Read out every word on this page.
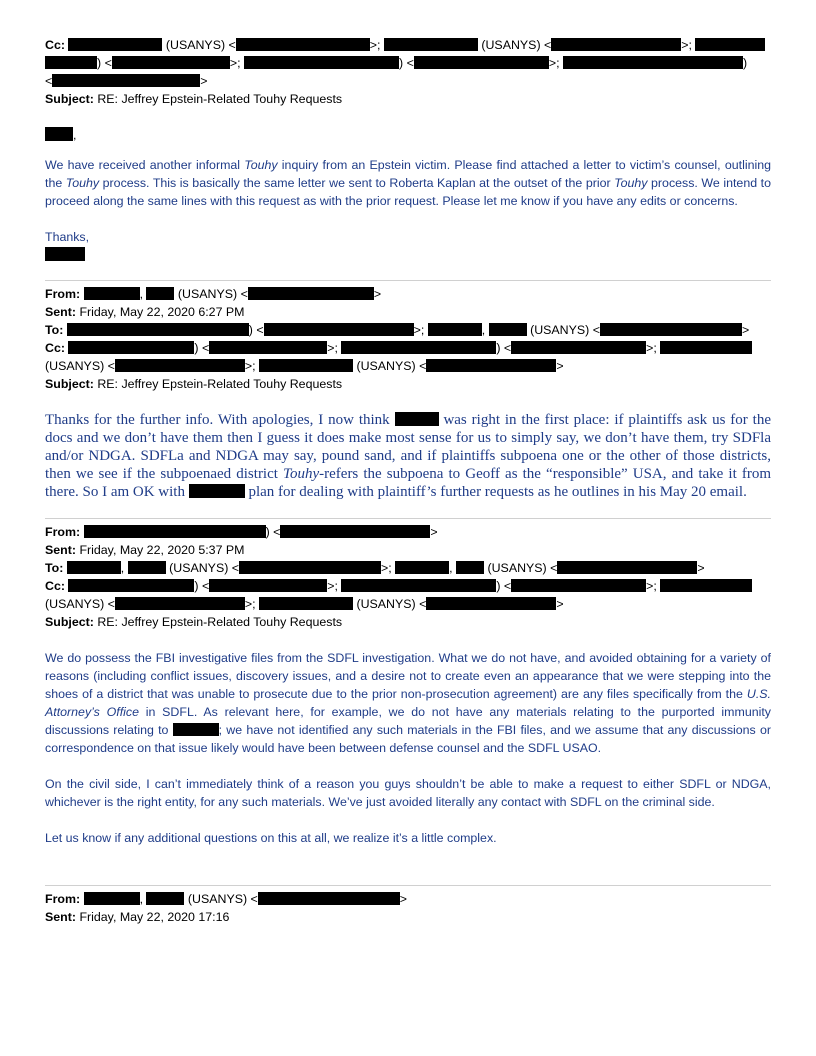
Cc:	(USANYS) <	>;	(USANYS) <	>;
) <	>;	) <	>;	)
<	>
Subject: RE: Jeffrey Epstein-Related Touhy Requests
,

We have received another informal Touhy inquiry from an Epstein victim. Please find attached a letter to victim’s counsel, outlining the Touhy process. This is basically the same letter we sent to Roberta Kaplan at the outset of the prior Touhy process. We intend to proceed along the same lines with this request as with the prior request. Please let me know if you have any edits or concerns.

Thanks,

From:	,	(USANYS) <	>
Sent: Friday, May 22, 2020 6:27 PM
To:	) <	>;	,	(USANYS) <	>
Cc:	) <	>;	) <	>;
(USANYS) <	>;	(USANYS) <	>
Subject: RE: Jeffrey Epstein-Related Touhy Requests

Thanks for the further info. With apologies, I now think	was right in the first place: if plaintiffs ask us for the docs and we don’t have them then I guess it does make most sense for us to simply say, we don’t have them, try SDFla and/or NDGA. SDFLa and NDGA may say, pound sand, and if plaintiffs subpoena one or the other of those districts, then we see if the subpoenaed district Touhy-refers the subpoena to Geoff as the “responsible” USA, and take it from there. So I am OK with	plan for dealing with plaintiff’s further requests as he outlines in his May 20 email.

From:	) <	>
Sent: Friday, May 22, 2020 5:37 PM
To:	,	(USANYS) <	>;	,  (USANYS) <	>
Cc:	) <	>;	) <	>;
(USANYS) <	>;	(USANYS) <	>
Subject: RE: Jeffrey Epstein-Related Touhy Requests

We do possess the FBI investigative files from the SDFL investigation. What we do not have, and avoided obtaining for a variety of reasons (including conflict issues, discovery issues, and a desire not to create even an appearance that we were stepping into the shoes of a district that was unable to prosecute due to the prior non-prosecution agreement) are any files specifically from the U.S. Attorney’s Office in SDFL. As relevant here, for example, we do not have any materials relating to the purported immunity discussions relating to	; we have not identified any such materials in the FBI files, and we assume that any discussions or correspondence on that issue likely would have been between defense counsel and the SDFL USAO.

On the civil side, I can’t immediately think of a reason you guys shouldn’t be able to make a request to either SDFL or NDGA, whichever is the right entity, for any such materials. We’ve just avoided literally any contact with SDFL on the criminal side.

Let us know if any additional questions on this at all, we realize it’s a little complex.

From:	,	(USANYS) <	>
Sent: Friday, May 22, 2020 17:16
